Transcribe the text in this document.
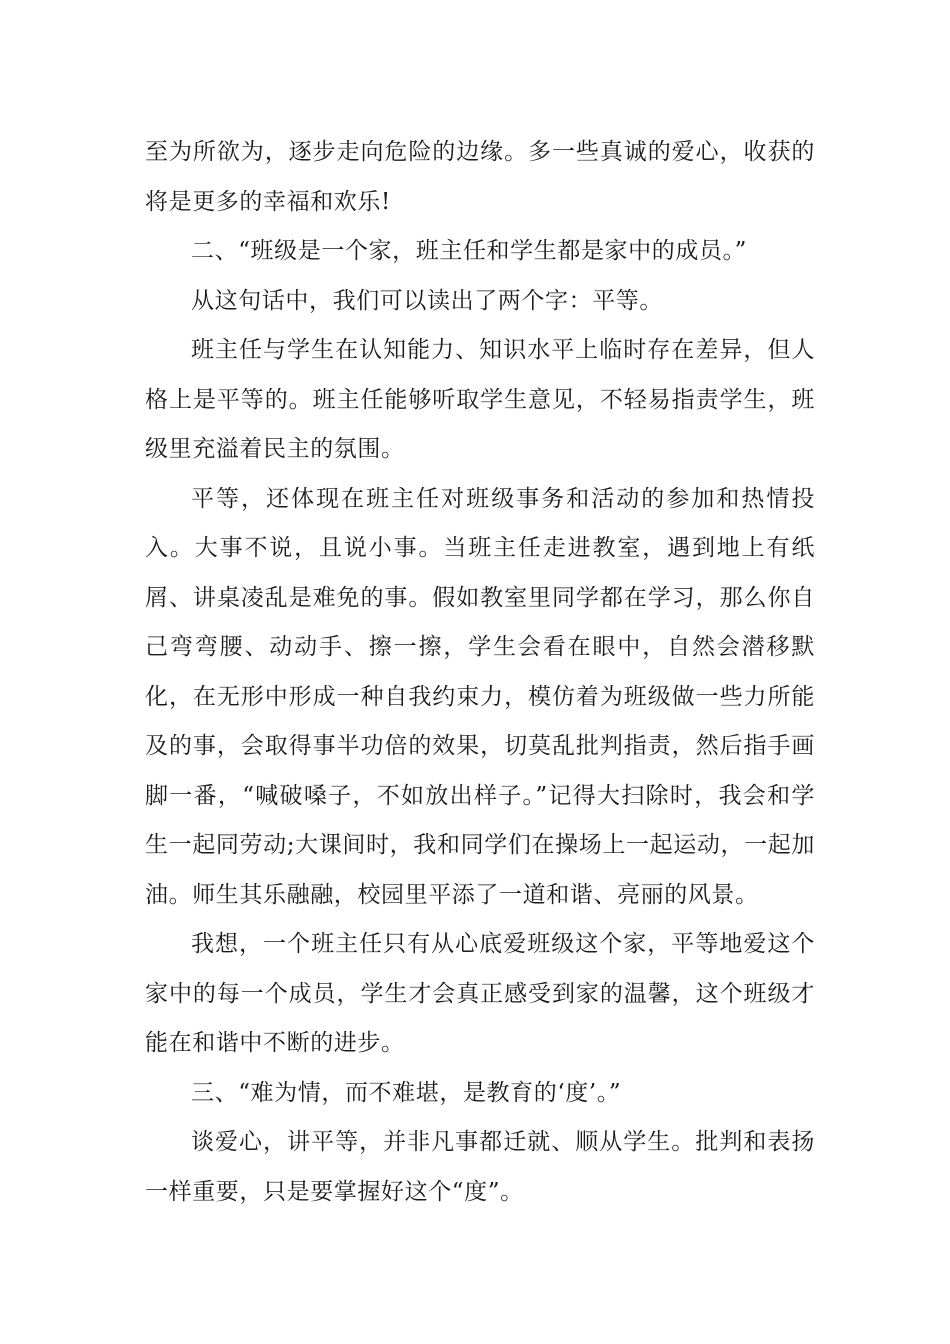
至为所欲为，逐步走向危险的边缘。多一些真诚的爱心，收获的将是更多的幸福和欢乐!

二、“班级是一个家，班主任和学生都是家中的成员。”

从这句话中，我们可以读出了两个字：平等。

班主任与学生在认知能力、知识水平上临时存在差异，但人格上是平等的。班主任能够听取学生意见，不轻易指责学生，班级里充溢着民主的氛围。

平等，还体现在班主任对班级事务和活动的参加和热情投入。大事不说，且说小事。当班主任走进教室，遇到地上有纸屑、讲桌凌乱是难免的事。假如教室里同学都在学习，那么你自己弯弯腰、动动手、擦一擦，学生会看在眼中，自然会潜移默化，在无形中形成一种自我约束力，模仿着为班级做一些力所能及的事，会取得事半功倍的效果，切莫乱批判指责，然后指手画脚一番，“喊破嗓子，不如放出样子。”记得大扫除时，我会和学生一起同劳动;大课间时，我和同学们在操场上一起运动，一起加油。师生其乐融融，校园里平添了一道和谐、亮丽的风景。

我想，一个班主任只有从心底爱班级这个家，平等地爱这个家中的每一个成员，学生才会真正感受到家的温馨，这个班级才能在和谐中不断的进步。

三、“难为情，而不难堪，是教育的‘度’。”

谈爱心，讲平等，并非凡事都迁就、顺从学生。批判和表扬一样重要，只是要掌握好这个“度”。
